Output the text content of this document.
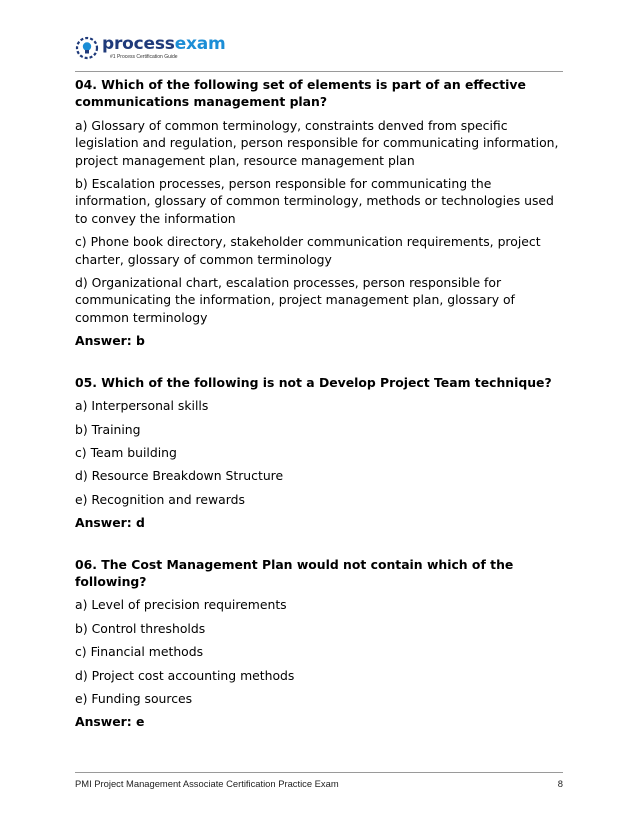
processexam
#1 Process Certification Guide

04. Which of the following set of elements is part of an effective communications management plan?

a) Glossary of common terminology, constraints denved from specific legislation and regulation, person responsible for communicating information, project management plan, resource management plan

b) Escalation processes, person responsible for communicating the information, glossary of common terminology, methods or technologies used to convey the information

c) Phone book directory, stakeholder communication requirements, project charter, glossary of common terminology

d) Organizational chart, escalation processes, person responsible for communicating the information, project management plan, glossary of common terminology

Answer: b

05. Which of the following is not a Develop Project Team technique?

a) Interpersonal skills

b) Training

c) Team building

d) Resource Breakdown Structure

e) Recognition and rewards

Answer: d

06. The Cost Management Plan would not contain which of the following?

a) Level of precision requirements

b) Control thresholds

c) Financial methods

d) Project cost accounting methods

e) Funding sources

Answer: e

PMI Project Management Associate Certification Practice Exam	8
